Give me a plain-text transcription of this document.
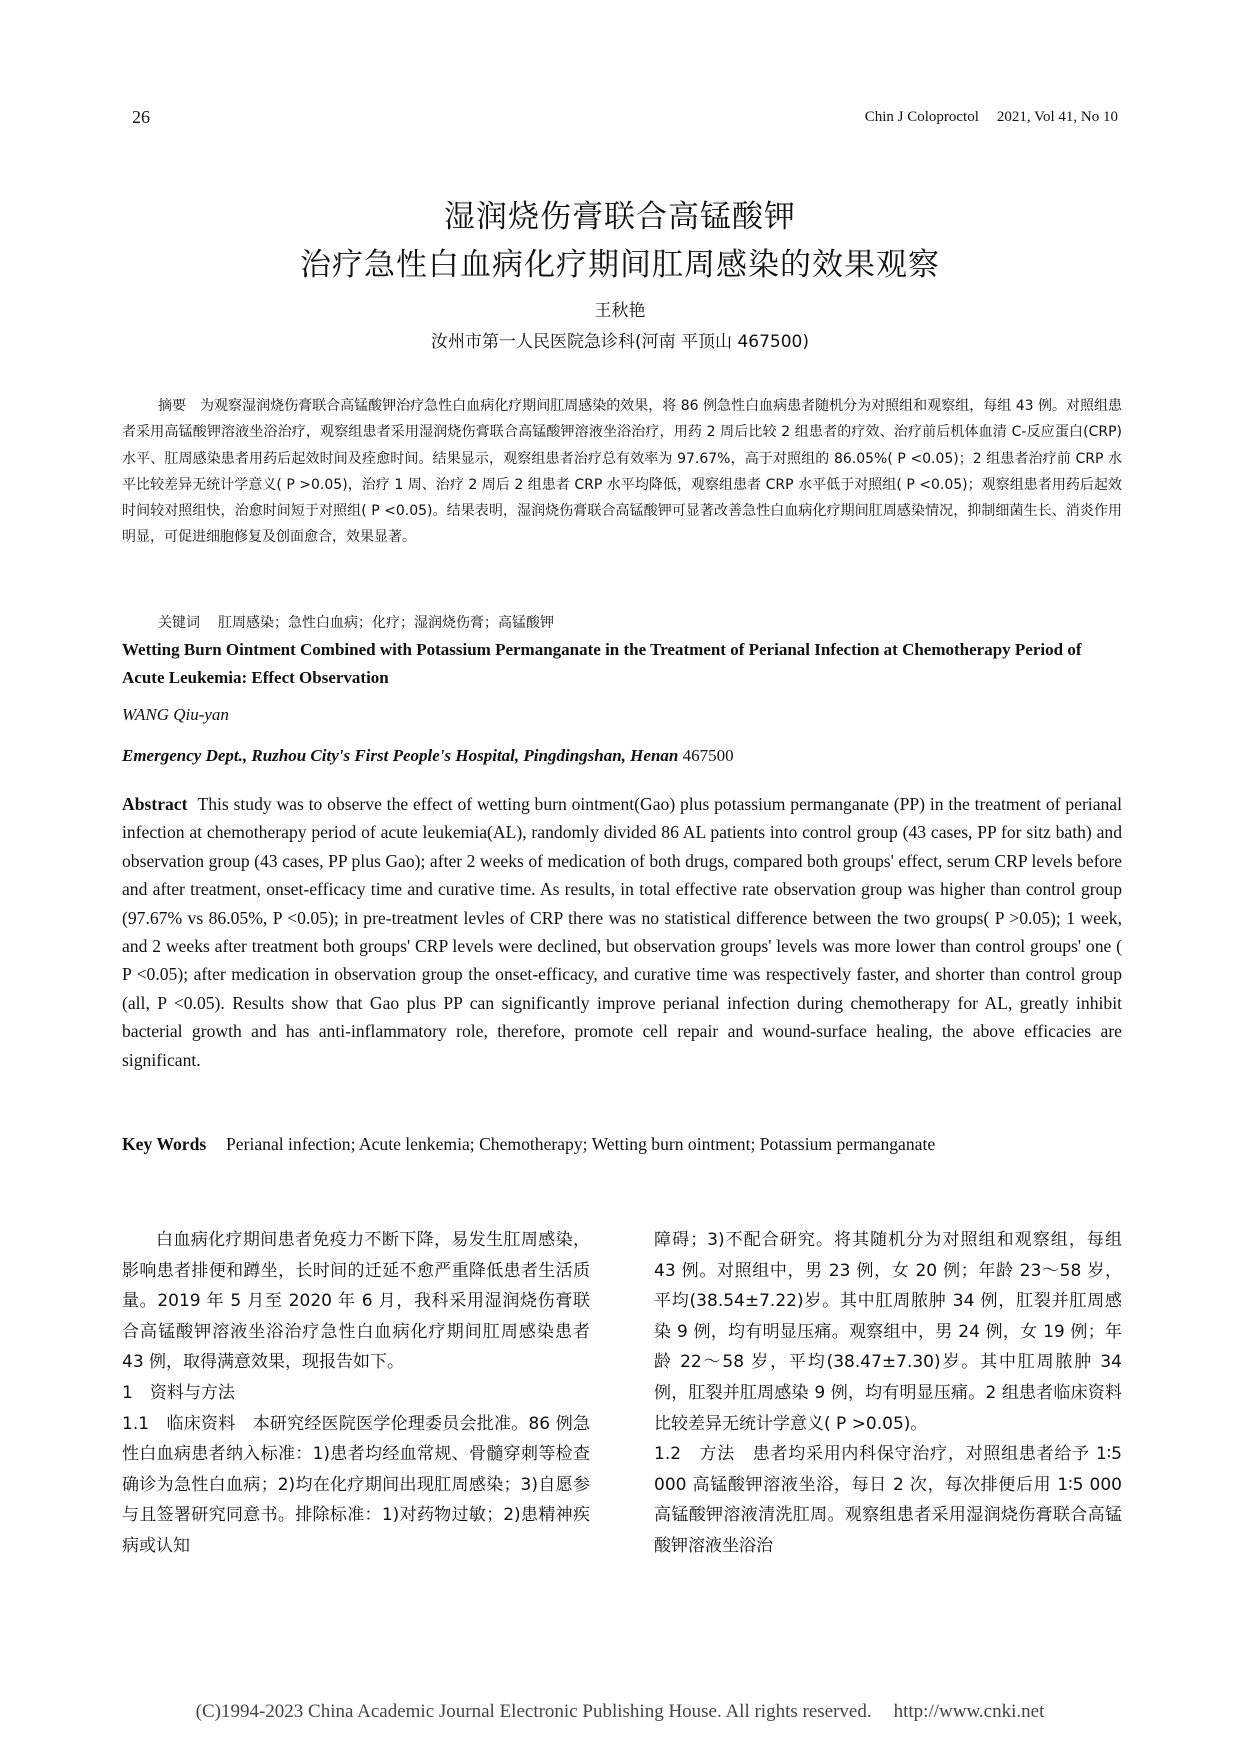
26	Chin J Coloproctol 2021, Vol 41, No 10
湿润烧伤膏联合高锰酸钾
治疗急性白血病化疗期间肛周感染的效果观察
王秋艳
汝州市第一人民医院急诊科(河南 平顶山 467500)
摘要 为观察湿润烧伤膏联合高锰酸钾治疗急性白血病化疗期间肛周感染的效果，将 86 例急性白血病患者随机分为对照组和观察组，每组 43 例。对照组患者采用高锰酸钾溶液坐浴治疗，观察组患者采用湿润烧伤膏联合高锰酸钾溶液坐浴治疗，用药 2 周后比较 2 组患者的疗效、治疗前后机体血清 C-反应蛋白(CRP)水平、肛周感染患者用药后起效时间及痊愈时间。结果显示，观察组患者治疗总有效率为 97.67%，高于对照组的 86.05%( P <0.05)；2 组患者治疗前 CRP 水平比较差异无统计学意义( P >0.05)，治疗 1 周、治疗 2 周后 2 组患者 CRP 水平均降低，观察组患者 CRP 水平低于对照组( P <0.05)；观察组患者用药后起效时间较对照组快，治愈时间短于对照组( P <0.05)。结果表明，湿润烧伤膏联合高锰酸钾可显著改善急性白血病化疗期间肛周感染情况，抑制细菌生长、消炎作用明显，可促进细胞修复及创面愈合，效果显著。
关键词 肛周感染；急性白血病；化疗；湿润烧伤膏；高锰酸钾
Wetting Burn Ointment Combined with Potassium Permanganate in the Treatment of Perianal Infection at Chemotherapy Period of Acute Leukemia: Effect Observation
WANG Qiu-yan
Emergency Dept., Ruzhou City's First People's Hospital, Pingdingshan, Henan 467500
Abstract This study was to observe the effect of wetting burn ointment(Gao) plus potassium permanganate (PP) in the treatment of perianal infection at chemotherapy period of acute leukemia(AL), randomly divided 86 AL patients into control group (43 cases, PP for sitz bath) and observation group (43 cases, PP plus Gao); after 2 weeks of medication of both drugs, compared both groups' effect, serum CRP levels before and after treatment, onset-efficacy time and curative time. As results, in total effective rate observation group was higher than control group (97.67% vs 86.05%, P <0.05); in pre-treatment levles of CRP there was no statistical difference between the two groups( P >0.05); 1 week, and 2 weeks after treatment both groups' CRP levels were declined, but observation groups' levels was more lower than control groups' one ( P <0.05); after medication in observation group the onset-efficacy, and curative time was respectively faster, and shorter than control group (all, P <0.05). Results show that Gao plus PP can significantly improve perianal infection during chemotherapy for AL, greatly inhibit bacterial growth and has anti-inflammatory role, therefore, promote cell repair and wound-surface healing, the above efficacies are significant.
Key Words Perianal infection; Acute lenkemia; Chemotherapy; Wetting burn ointment; Potassium permanganate

白血病化疗期间患者免疫力不断下降，易发生肛周感染，影响患者排便和蹲坐，长时间的迁延不愈严重降低患者生活质量。2019 年 5 月至 2020 年 6 月，我科采用湿润烧伤膏联合高锰酸钾溶液坐浴治疗急性白血病化疗期间肛周感染患者 43 例，取得满意效果，现报告如下。

1　资料与方法

1.1　临床资料　本研究经医院医学伦理委员会批准。86 例急性白血病患者纳入标准：1)患者均经血常规、骨髓穿刺等检查确诊为急性白血病；2)均在化疗期间出现肛周感染；3)自愿参与且签署研究同意书。排除标准：1)对药物过敏；2)患精神疾病或认知

障碍；3)不配合研究。将其随机分为对照组和观察组，每组 43 例。对照组中，男 23 例，女 20 例；年龄 23～58 岁，平均(38.54±7.22)岁。其中肛周脓肿 34 例，肛裂并肛周感染 9 例，均有明显压痛。观察组中，男 24 例，女 19 例；年龄 22～58 岁，平均(38.47±7.30)岁。其中肛周脓肿 34 例，肛裂并肛周感染 9 例，均有明显压痛。2 组患者临床资料比较差异无统计学意义( P >0.05)。

1.2　方法　患者均采用内科保守治疗，对照组患者给予 1∶5 000 高锰酸钾溶液坐浴，每日 2 次，每次排便后用 1∶5 000 高锰酸钾溶液清洗肛周。观察组患者采用湿润烧伤膏联合高锰酸钾溶液坐浴治

(C)1994-2023 China Academic Journal Electronic Publishing House. All rights reserved. http://www.cnki.net
